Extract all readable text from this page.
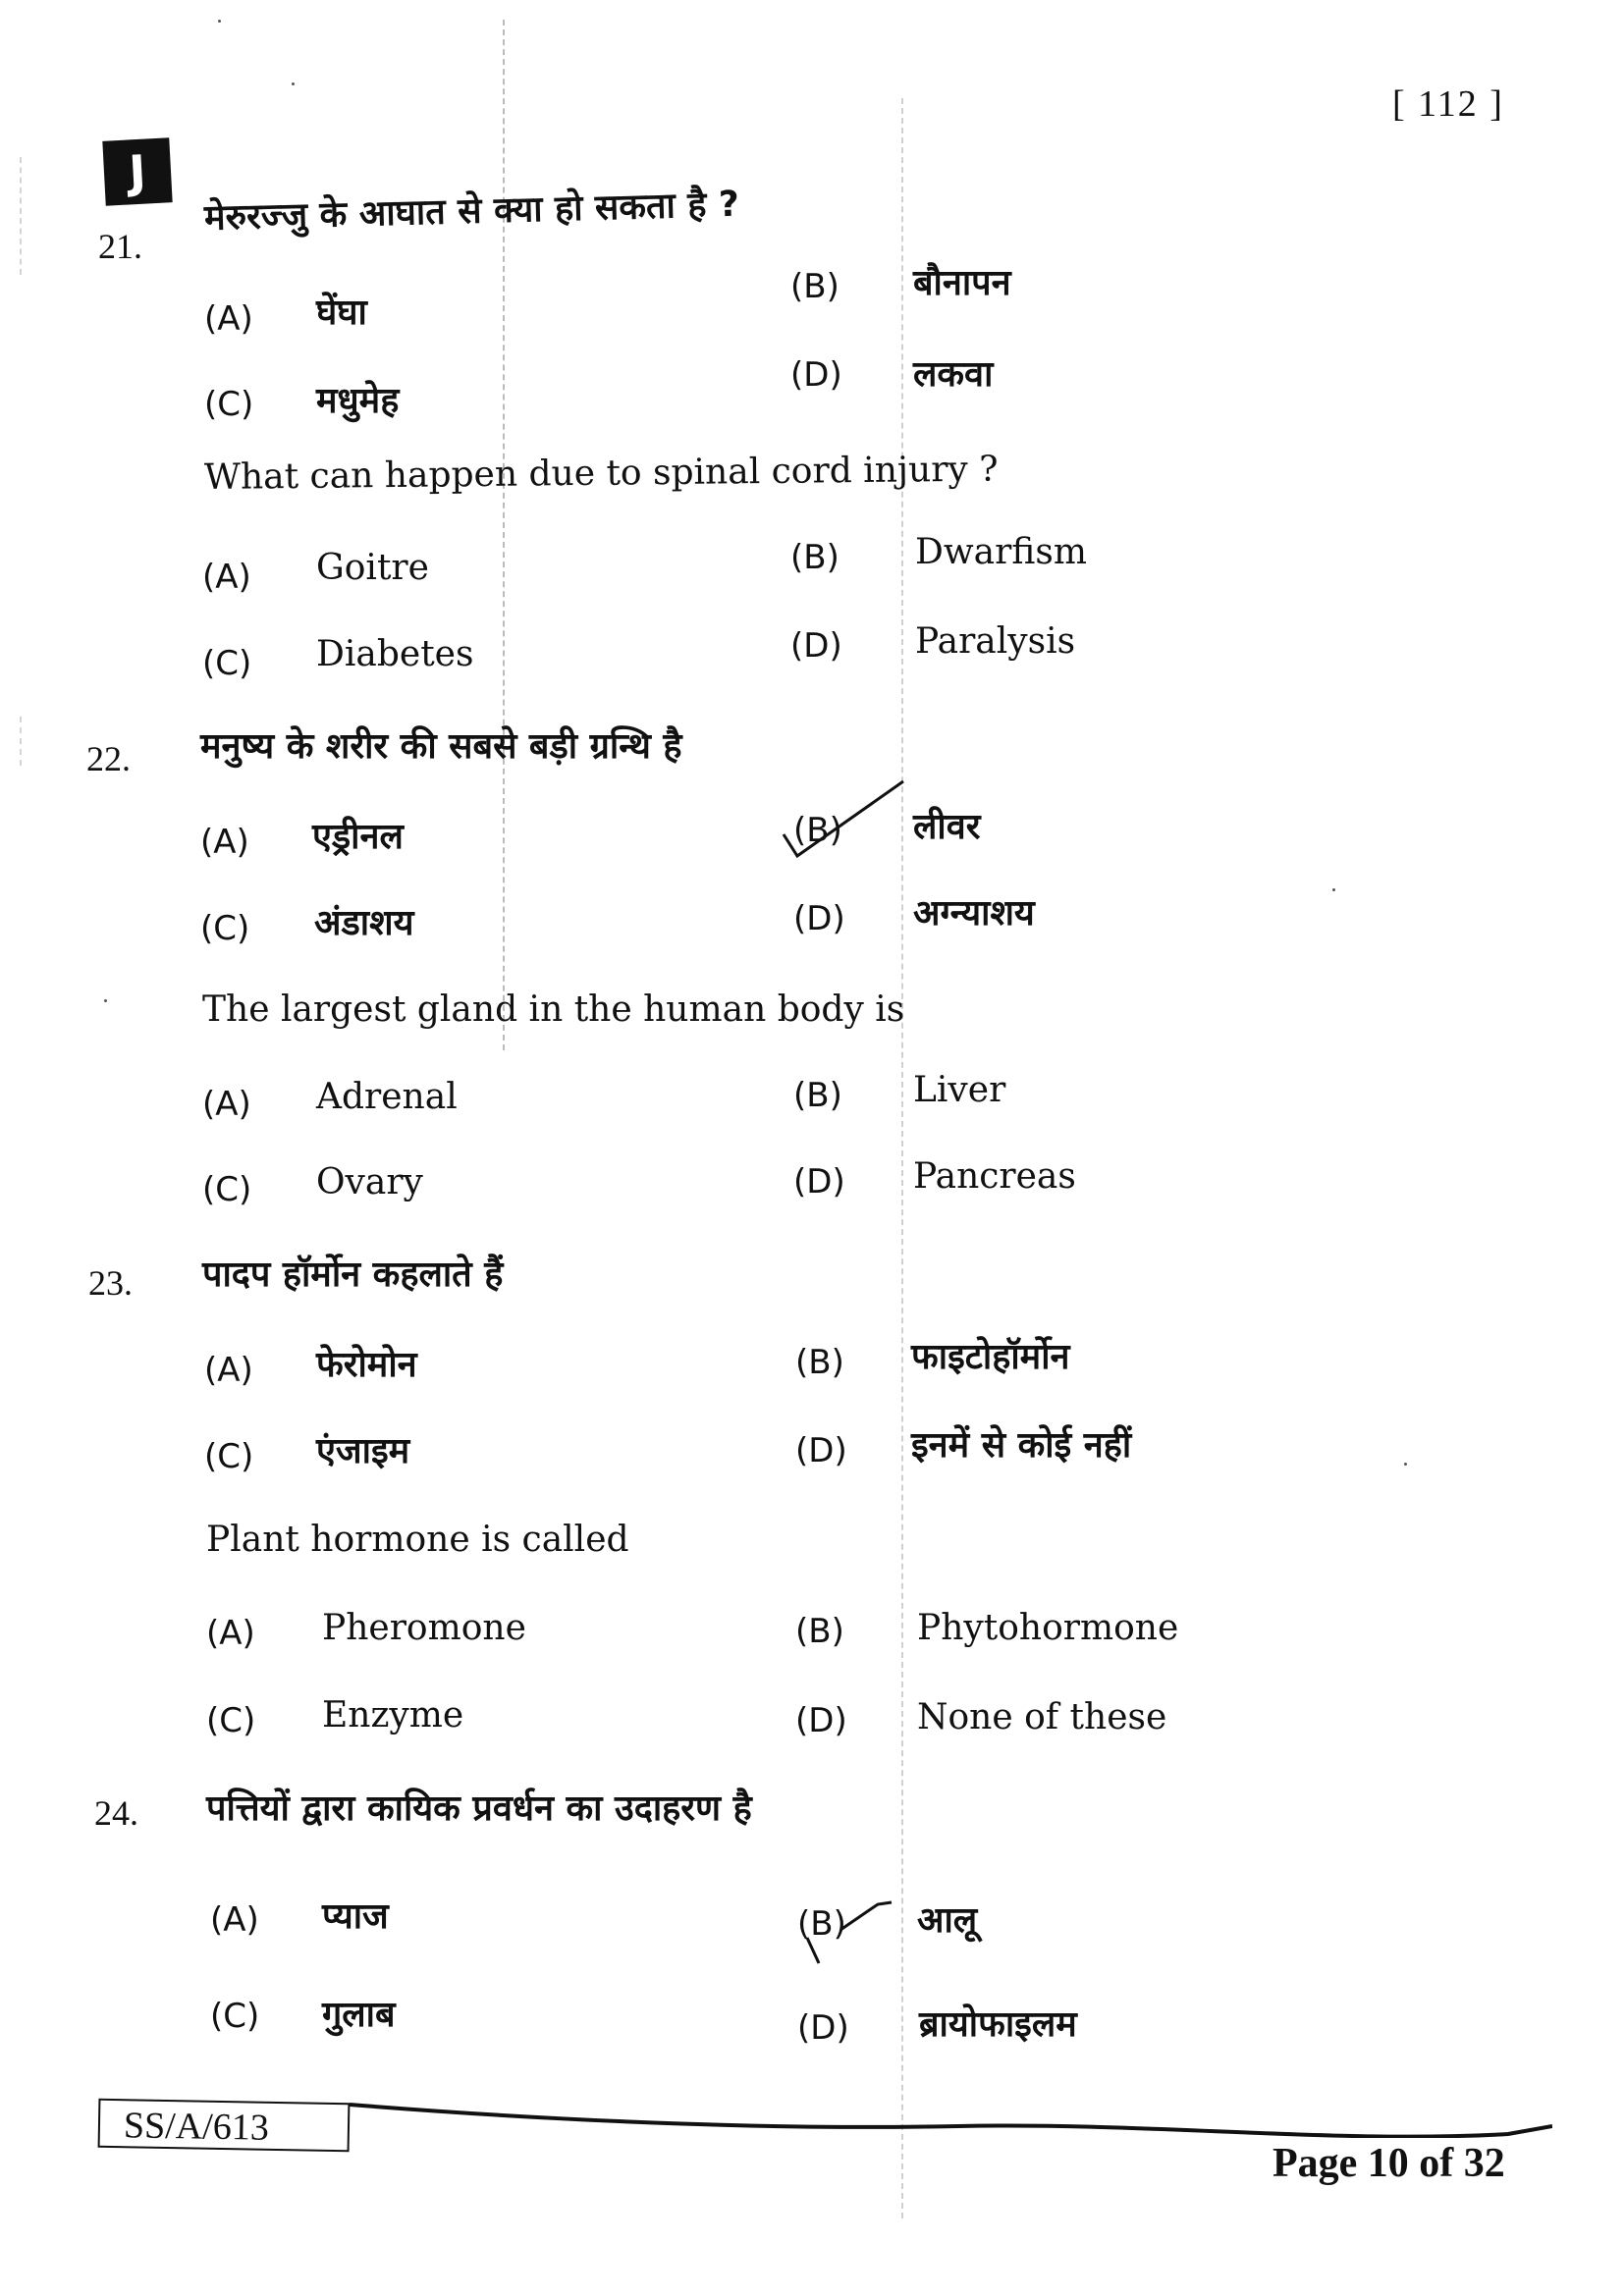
[ 112 ]
J
21.
मेरुरज्जु के आघात से क्या हो सकता है ?
(A) घेंघा
(B) बौनापन
(C) मधुमेह
(D) लकवा
What can happen due to spinal cord injury ?
(A) Goitre	(B) Dwarfism
(C) Diabetes	(D) Paralysis
22. मनुष्य के शरीर की सबसे बड़ी ग्रन्थि है
(A) एड्रीनल	(B) लीवर
(C) अंडाशय	(D) अग्न्याशय
The largest gland in the human body is
(A) Adrenal	(B) Liver
(C) Ovary	(D) Pancreas
23. पादप हॉर्मोन कहलाते हैं
(A) फेरोमोन	(B) फाइटोहॉर्मोन
(C) एंजाइम	(D) इनमें से कोई नहीं
Plant hormone is called
(A) Pheromone	(B) Phytohormone
(C) Enzyme	(D) None of these
24. पत्तियों द्वारा कायिक प्रवर्धन का उदाहरण है
(A) प्याज	(B) आलू
(C) गुलाब	(D) ब्रायोफाइलम
SS/A/613
Page 10 of 32
